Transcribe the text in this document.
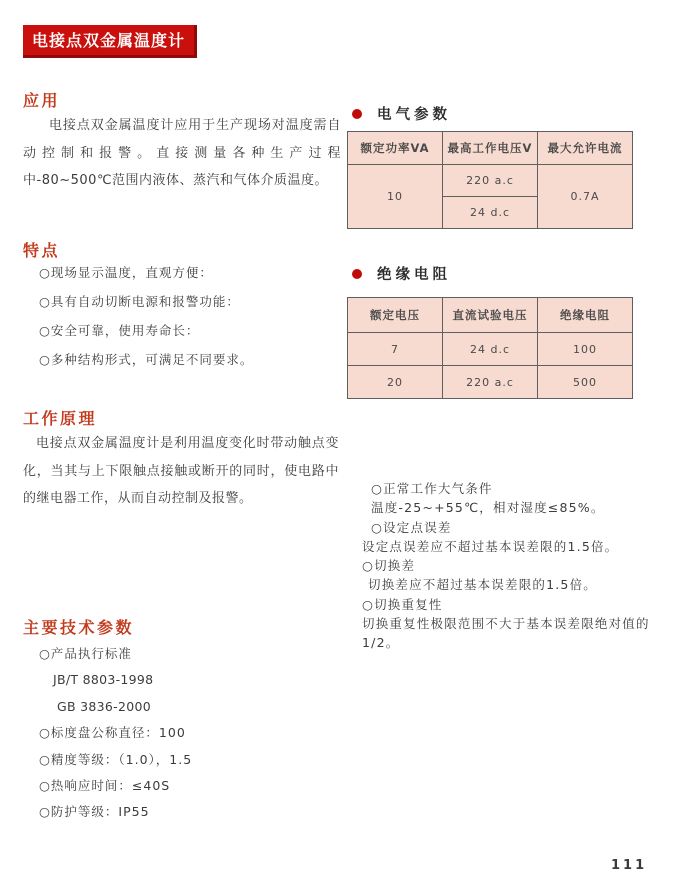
电接点双金属温度计
应用
电接点双金属温度计应用于生产现场对温度需自动控制和报警。直接测量各种生产过程中-80~500℃范围内液体、蒸汽和气体介质温度。
特点
○现场显示温度，直观方便：
○具有自动切断电源和报警功能：
○安全可靠，使用寿命长：
○多种结构形式，可满足不同要求。
工作原理
电接点双金属温度计是利用温度变化时带动触点变化，当其与上下限触点接触或断开的同时，使电路中的继电器工作，从而自动控制及报警。
主要技术参数
○产品执行标准
JB/T 8803-1998
GB 3836-2000
○标度盘公称直径：100
○精度等级：（1.0），1.5
○热响应时间：≤40S
○防护等级：IP55
电气参数
额定功率VA	最高工作电压V	最大允许电流
10	220 a.c	0.7A
	24 d.c	
绝缘电阻
额定电压	直流试验电压	绝缘电阻
7	24 d.c	100
20	220 a.c	500
○正常工作大气条件
温度-25~+55℃，相对湿度≤85%。
○设定点误差
设定点误差应不超过基本误差限的1.5倍。
○切换差
切换差应不超过基本误差限的1.5倍。
○切换重复性
切换重复性极限范围不大于基本误差限绝对值的1/2。
111
